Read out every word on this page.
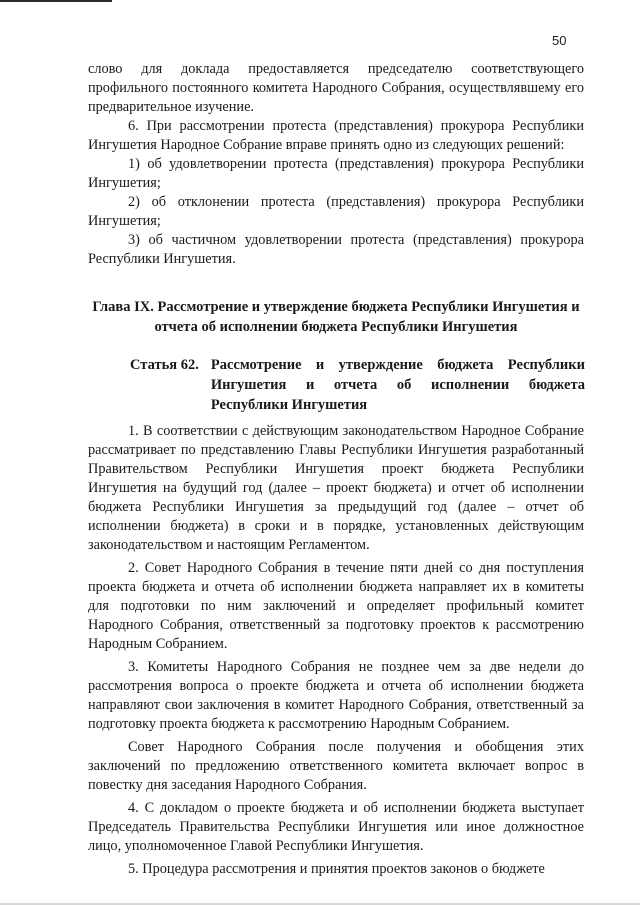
50

слово для доклада предоставляется председателю соответствующего профильного постоянного комитета Народного Собрания, осуществлявшему его предварительное изучение.

6. При рассмотрении протеста (представления) прокурора Республики Ингушетия Народное Собрание вправе принять одно из следующих решений:

1) об удовлетворении протеста (представления) прокурора Республики Ингушетия;

2) об отклонении протеста (представления) прокурора Республики Ингушетия;

3) об частичном удовлетворении протеста (представления) прокурора Республики Ингушетия.

Глава IX. Рассмотрение и утверждение бюджета Республики Ингушетия и отчета об исполнении бюджета Республики Ингушетия
Статья 62. Рассмотрение и утверждение бюджета Республики Ингушетия и отчета об исполнении бюджета Республики Ингушетия

1. В соответствии с действующим законодательством Народное Собрание рассматривает по представлению Главы Республики Ингушетия разработанный Правительством Республики Ингушетия проект бюджета Республики Ингушетия на будущий год (далее – проект бюджета) и отчет об исполнении бюджета Республики Ингушетия за предыдущий год (далее – отчет об исполнении бюджета) в сроки и в порядке, установленных действующим законодательством и настоящим Регламентом.

2. Совет Народного Собрания в течение пяти дней со дня поступления проекта бюджета и отчета об исполнении бюджета направляет их в комитеты для подготовки по ним заключений и определяет профильный комитет Народного Собрания, ответственный за подготовку проектов к рассмотрению Народным Собранием.

3. Комитеты Народного Собрания не позднее чем за две недели до рассмотрения вопроса о проекте бюджета и отчета об исполнении бюджета направляют свои заключения в комитет Народного Собрания, ответственный за подготовку проекта бюджета к рассмотрению Народным Собранием.

Совет Народного Собрания после получения и обобщения этих заключений по предложению ответственного комитета включает вопрос в повестку дня заседания Народного Собрания.

4. С докладом о проекте бюджета и об исполнении бюджета выступает Председатель Правительства Республики Ингушетия или иное должностное лицо, уполномоченное Главой Республики Ингушетия.

5. Процедура рассмотрения и принятия проектов законов о бюджете
